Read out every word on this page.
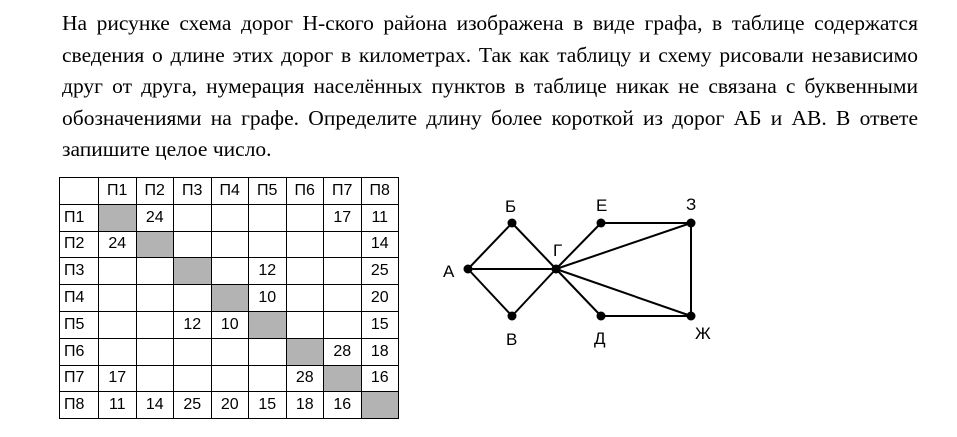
На рисунке схема дорог Н-ского района изображена в виде графа, в таблице содержатся сведения о длине этих дорог в километрах. Так как таблицу и схему рисовали независимо друг от друга, нумерация населённых пунктов в таблице никак не связана с буквенными обозначениями на графе. Определите длину более короткой из дорог АБ и АВ. В ответе запишите целое число.

	П1	П2	П3	П4	П5	П6	П7	П8
П1		24					17	11
П2	24							14
П3					12			25
П4					10			20
П5			12	10				15
П6							28	18
П7	17					28		16
П8	11	14	25	20	15	18	16	
А
Б
В
Г
Е	З
Д	Ж
